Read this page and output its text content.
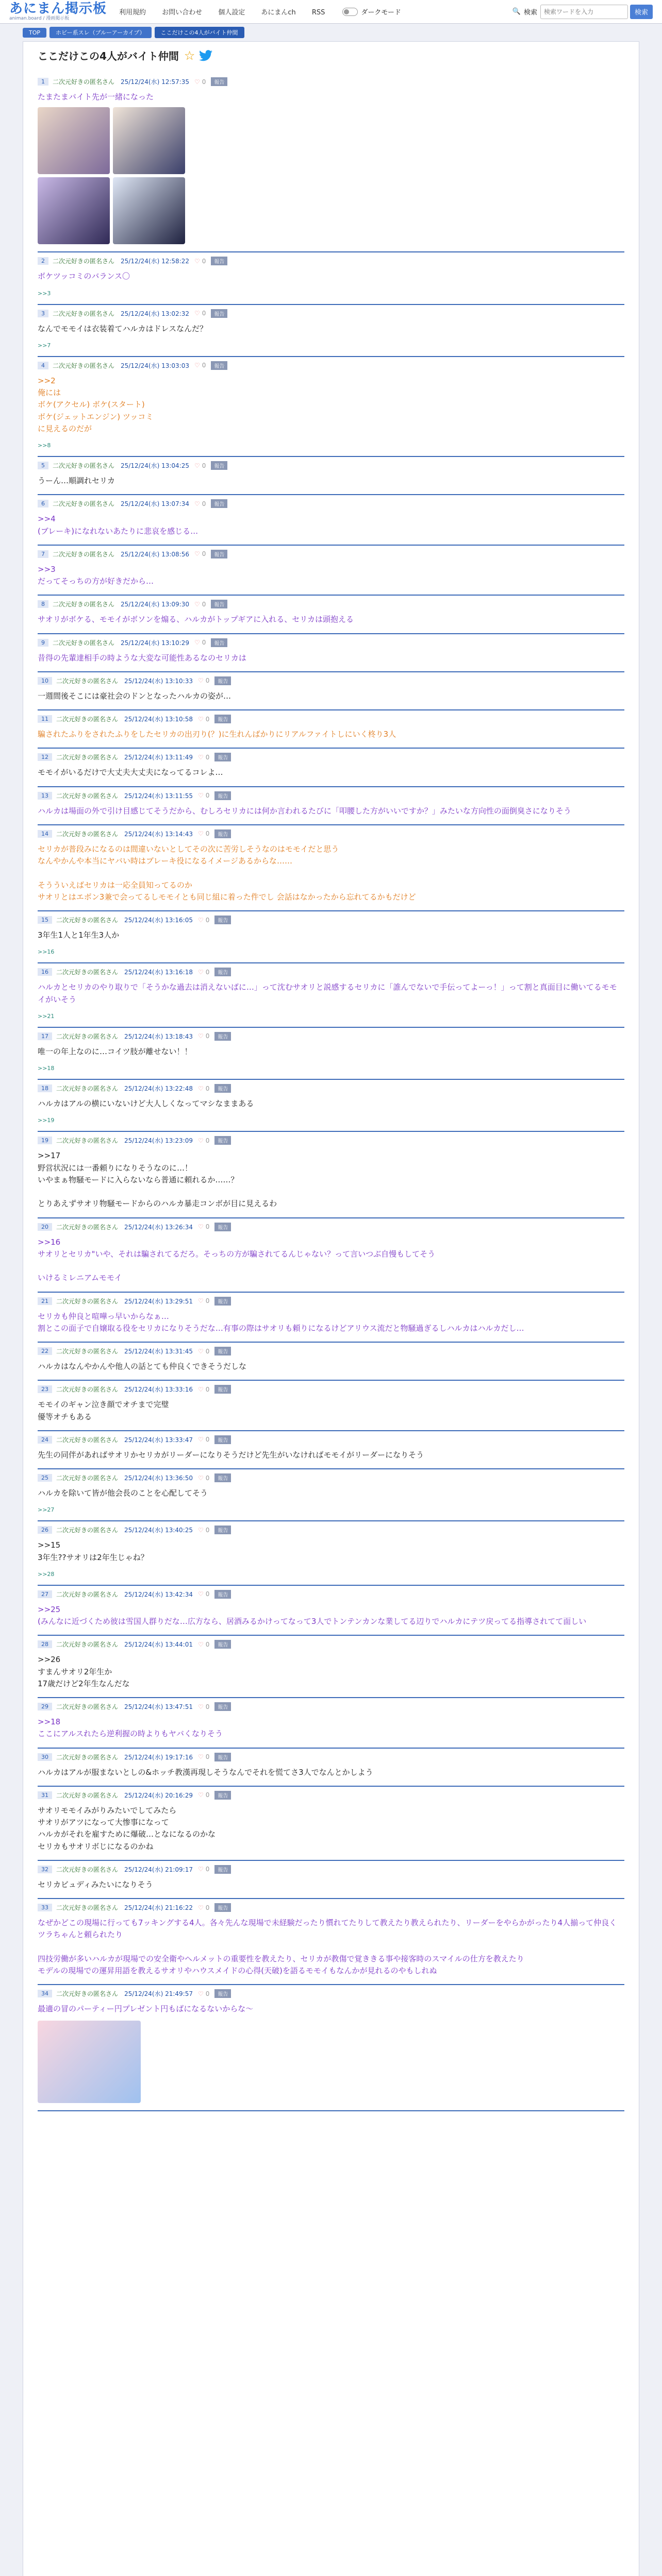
あにまん掲示板
animan.board / 漫画掲示板
利用規約 お問い合わせ 個人設定 あにまんch RSS	ダークモード	🔍 検索
検索ワードを入力	検索
TOP	ホビー系スレ（ブルーアーカイブ）	ここだけこの4人がバイト仲間
ここだけこの4人がバイト仲間 ☆
1	二次元好きの匿名さん 25/12/24(水) 12:57:35 ♡ 0	報告
たまたまバイト先が一緒になった
2	二次元好きの匿名さん 25/12/24(水) 12:58:22 ♡ 0	報告
ボケツッコミのバランス〇
>>3
3	二次元好きの匿名さん 25/12/24(水) 13:02:32 ♡ 0	報告
なんでモモイは衣装着てハルカはドレスなんだ？
>>7
4	二次元好きの匿名さん 25/12/24(水) 13:03:03 ♡ 0	報告
>>2
俺には
ボケ(アクセル) ボケ(スタート)
ボケ(ジェットエンジン) ツッコミ
に見えるのだが
>>8
5	二次元好きの匿名さん 25/12/24(水) 13:04:25 ♡ 0	報告
うーん…順調れセリカ
6	二次元好きの匿名さん 25/12/24(水) 13:07:34 ♡ 0	報告
>>4
(ブレーキ)になれないあたりに悲哀を感じる…
7	二次元好きの匿名さん 25/12/24(水) 13:08:56 ♡ 0	報告
>>3
だってそっちの方が好きだから…
8	二次元好きの匿名さん 25/12/24(水) 13:09:30 ♡ 0	報告
サオリがボケる、モモイがボソンを煽る、ハルカがトップギアに入れる、セリカは頭抱える
9	二次元好きの匿名さん 25/12/24(水) 13:10:29 ♡ 0	報告
昔得の先輩達相手の時ような大変な可能性あるなのセリカは
10	二次元好きの匿名さん 25/12/24(水) 13:10:33 ♡ 0	報告
一週間後そこには豪社会のドンとなったハルカの姿が…
11	二次元好きの匿名さん 25/12/24(水) 13:10:58 ♡ 0	報告
騙されたふりをされたふりをしたセリカの出刃り(？)に生れんばかりにリアルファイトしにいく柊り3人
12	二次元好きの匿名さん 25/12/24(水) 13:11:49 ♡ 0	報告
モモイがいるだけで大丈夫大丈夫になってるコレよ…
13	二次元好きの匿名さん 25/12/24(水) 13:11:55 ♡ 0	報告
ハルカは場面の外で引け目感じてそうだから、むしろセリカには何か言われるたびに「叩腰した方がいいですか？」みたいな方向性の面倒臭さになりそう
14	二次元好きの匿名さん 25/12/24(水) 13:14:43 ♡ 0	報告
セリカが普段みになるのは間違いないとしてその次に苦労しそうなのはモモイだと思う
なんやかんや本当にヤバい時はブレーキ役になるイメージあるからな……

そうういえばセリカは一応全員知ってるのか
サオリとはエボン3兼で会ってるしモモイとも同じ組に着った件でし 会話はなかったから忘れてるかもだけど
15	二次元好きの匿名さん 25/12/24(水) 13:16:05 ♡ 0	報告
3年生1人と1年生3人か
>>16
16	二次元好きの匿名さん 25/12/24(水) 13:16:18 ♡ 0	報告
ハルカとセリカのやり取りで「そうかな過去は消えないばに…」って沈むサオリと説感するセリカに「誰んでないで手伝ってよーっ！」って割と真面目に働いてるモモイがいそう
>>21
17	二次元好きの匿名さん 25/12/24(水) 13:18:43 ♡ 0	報告
唯一の年上なのに…コイツ肢が離せない！！
>>18
18	二次元好きの匿名さん 25/12/24(水) 13:22:48 ♡ 0	報告
ハルカはアルの横にいないけど大人しくなってマシなままある
>>19
19	二次元好きの匿名さん 25/12/24(水) 13:23:09 ♡ 0	報告
>>17
野営状況には一番頼りになりそうなのに…！
いやまぁ物騒モードに入らないなら普通に頼れるか……？

とりあえずサオリ物騒モードからのハルカ暴走コンボが目に見えるわ
20	二次元好きの匿名さん 25/12/24(水) 13:26:34 ♡ 0	報告
>>16
サオリとセリカ"いや、それは騙されてるだろ。そっちの方が騙されてるんじゃない？って言いつぶ自慢もしてそう

いけるミレニアムモモイ
21	二次元好きの匿名さん 25/12/24(水) 13:29:51 ♡ 0	報告
セリカも仲良と喧嘩っ早いからなぁ…
割とこの面子で自嬢取る役をセリカになりそうだな…有事の際はサオリも頼りになるけどアリウス流だと物騒過ぎるしハルカはハルカだし…
22	二次元好きの匿名さん 25/12/24(水) 13:31:45 ♡ 0	報告
ハルカはなんやかんや他人の話とても仲良くできそうだしな
23	二次元好きの匿名さん 25/12/24(水) 13:33:16 ♡ 0	報告
モモイのギャン泣き顔でオチまで完璧
優等オチもある
24	二次元好きの匿名さん 25/12/24(水) 13:33:47 ♡ 0	報告
先生の同伴があればサオリかセリカがリーダーになりそうだけど先生がいなければモモイがリーダーになりそう
25	二次元好きの匿名さん 25/12/24(水) 13:36:50 ♡ 0	報告
ハルカを除いて皆が他会長のことを心配してそう
>>27
26	二次元好きの匿名さん 25/12/24(水) 13:40:25 ♡ 0	報告
>>15
3年生??サオリは2年生じゃね？
>>28
27	二次元好きの匿名さん 25/12/24(水) 13:42:34 ♡ 0	報告
>>25
(みんなに近づくため彼は雪国人群りだな…広方なら、居酒みるかけってなって3人でトンテンカンな業してる辺りでハルカにテツ戻ってる指導されてて面しい
28	二次元好きの匿名さん 25/12/24(水) 13:44:01 ♡ 0	報告
>>26
すまんサオリ2年生か
17歳だけど2年生なんだな
29	二次元好きの匿名さん 25/12/24(水) 13:47:51 ♡ 0	報告
>>18
ここにアルスれたら逆利握の時よりもヤバくなりそう
30	二次元好きの匿名さん 25/12/24(水) 19:17:16 ♡ 0	報告
ハルカはアルが服まないとしの&ホッチ教漢再現しそうなんでそれを慌てさ3人でなんとかしよう
31	二次元好きの匿名さん 25/12/24(水) 20:16:29 ♡ 0	報告
サオリモモイみがりみたいでしてみたら
サオリがアツになって大惨事になって
ハルカがそれを雇すために爆破…となになるのかな
セリカもサオリボじになるのかね
32	二次元好きの匿名さん 25/12/24(水) 21:09:17 ♡ 0	報告
セリカビュディみたいになりそう
33	二次元好きの匿名さん 25/12/24(水) 21:16:22 ♡ 0	報告
なぜかどこの現場に行っても7ッキングする4人。各々先んな現場で未経験だったり慣れてたりして教えたり教えられたり、リーダーをやらかがったり4人揃って仲良くツラちゃんと頼られたり

四技労働が多いハルカが現場での安全衛やヘルメットの重要性を教えたり、セリカが教傷で覚ききる事や接客時のスマイルの仕方を教えたり
モデルの現場での運昇用語を教えるサオリやハウスメイドの心得(天破)を語るモモイもなんかが見れるのやもしれぬ
34	二次元好きの匿名さん 25/12/24(水) 21:49:57 ♡ 0	報告
最適の冒のパーティー円プレゼント円もばになるないからな〜
